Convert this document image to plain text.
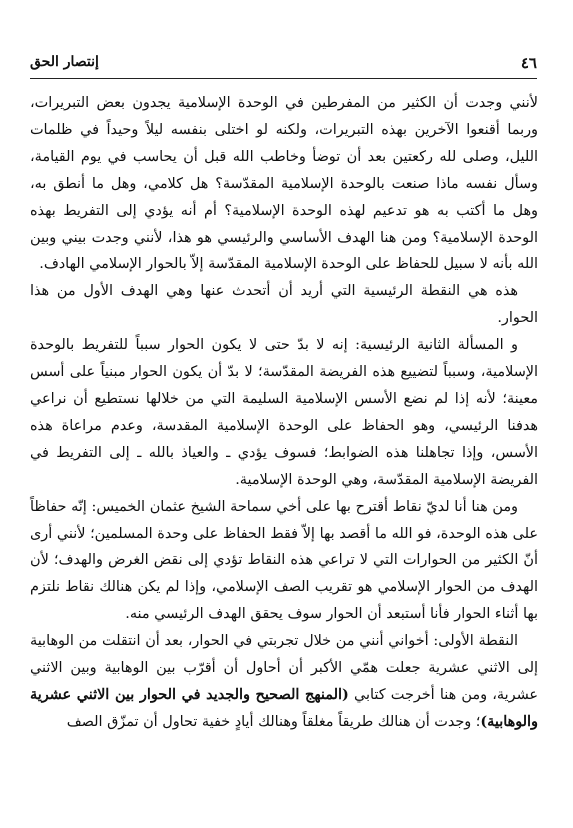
٤٦
إنتصار الحق

لأنني وجدت أن الكثير من المفرطين في الوحدة الإسلامية يجدون بعض التبريرات، وربما أقنعوا الآخرين بهذه التبريرات، ولكنه لو اختلى بنفسه ليلاً وحيداً في ظلمات الليل، وصلى لله ركعتين بعد أن توضأ وخاطب الله قبل أن يحاسب في يوم القيامة، وسأل نفسه ماذا صنعت بالوحدة الإسلامية المقدّسة؟ هل كلامي، وهل ما أنطق به، وهل ما أكتب به هو تدعيم لهذه الوحدة الإسلامية؟ أم أنه يؤدي إلى التفريط بهذه الوحدة الإسلامية؟ ومن هنا الهدف الأساسي والرئيسي هو هذا، لأنني وجدت بيني وبين الله بأنه لا سبيل للحفاظ على الوحدة الإسلامية المقدّسة إلاّ بالحوار الإسلامي الهادف.

هذه هي النقطة الرئيسية التي أريد أن أتحدث عنها وهي الهدف الأول من هذا الحوار.

و المسألة الثانية الرئيسية: إنه لا بدّ حتى لا يكون الحوار سبباً للتفريط بالوحدة الإسلامية، وسبباً لتضييع هذه الفريضة المقدّسة؛ لا بدّ أن يكون الحوار مبنياً على أسس معينة؛ لأنه إذا لم نضع الأسس الإسلامية السليمة التي من خلالها نستطيع أن نراعي هدفنا الرئيسي، وهو الحفاظ على الوحدة الإسلامية المقدسة، وعدم مراعاة هذه الأسس، وإذا تجاهلنا هذه الضوابط؛ فسوف يؤدي ـ والعياذ بالله ـ إلى التفريط في الفريضة الإسلامية المقدّسة، وهي الوحدة الإسلامية.

ومن هنا أنا لديّ نقاط أقترح بها على أخي سماحة الشيخ عثمان الخميس: إنّه حفاظاً على هذه الوحدة، فو الله ما أقصد بها إلاّ فقط الحفاظ على وحدة المسلمين؛ لأنني أرى أنّ الكثير من الحوارات التي لا تراعي هذه النقاط تؤدي إلى نقض الغرض والهدف؛ لأن الهدف من الحوار الإسلامي هو تقريب الصف الإسلامي، وإذا لم يكن هنالك نقاط نلتزم بها أثناء الحوار فأنا أستبعد أن الحوار سوف يحقق الهدف الرئيسي منه.

النقطة الأولى: أخواني أنني من خلال تجربتي في الحوار، بعد أن انتقلت من الوهابية إلى الاثني عشرية جعلت همّي الأكبر أن أحاول أن أقرّب بين الوهابية وبين الاثني عشرية، ومن هنا أخرجت كتابي (المنهج الصحيح والجديد في الحوار بين الاثني عشرية والوهابية)؛ وجدت أن هنالك طريقاً مغلقاً وهنالك أيادٍ خفية تحاول أن تمزّق الصف
